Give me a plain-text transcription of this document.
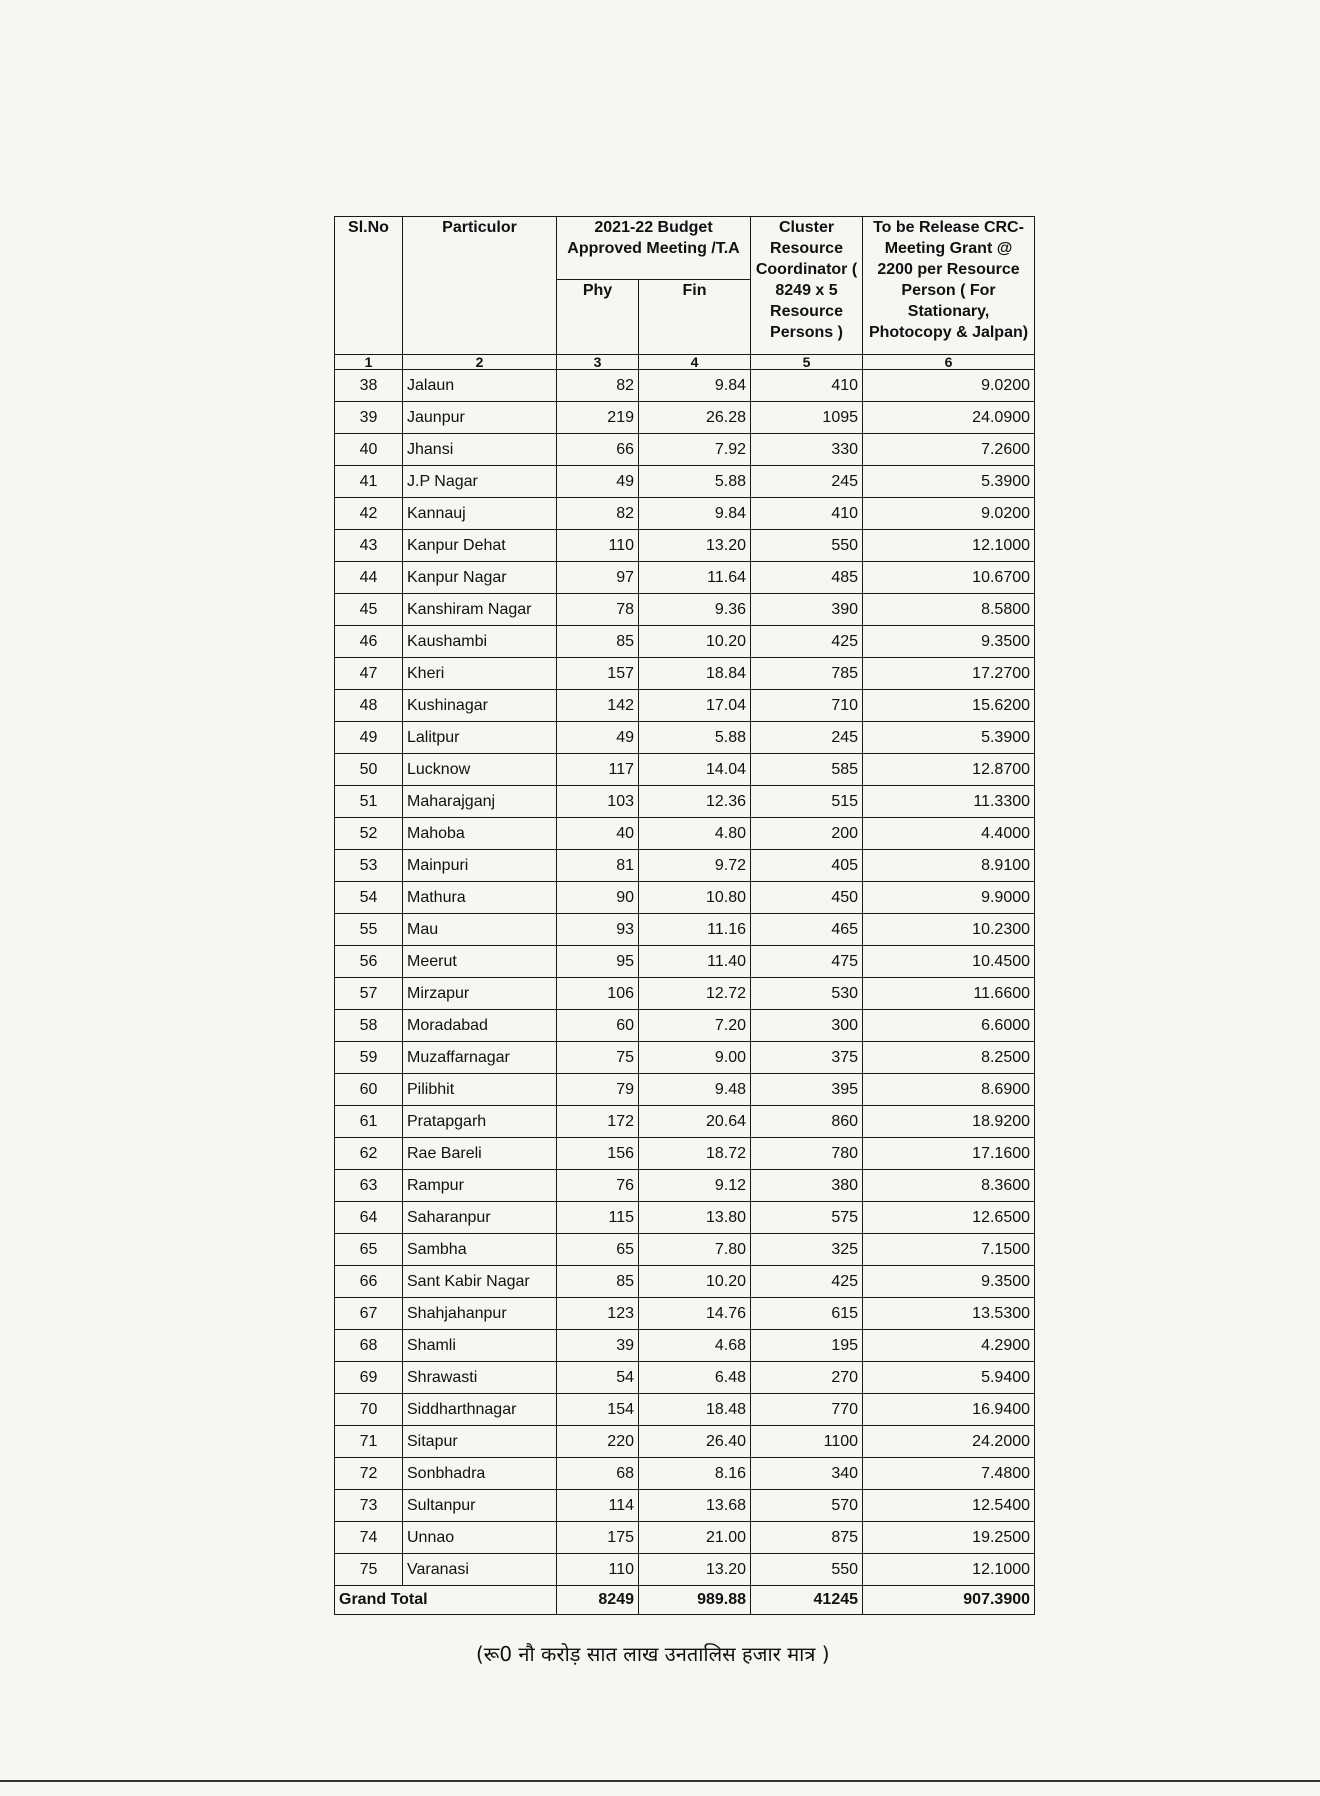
Sl.No	Particulor	2021-22 Budget Approved Meeting /T.A		Cluster Resource Coordinator ( 8249 x 5 Resource Persons )	To be Release CRC- Meeting Grant @ 2200 per Resource Person ( For Stationary, Photocopy & Jalpan)
		Phy	Fin		
1	2	3	4	5	6
38	Jalaun	82	9.84	410	9.0200
39	Jaunpur	219	26.28	1095	24.0900
40	Jhansi	66	7.92	330	7.2600
41	J.P Nagar	49	5.88	245	5.3900
42	Kannauj	82	9.84	410	9.0200
43	Kanpur Dehat	110	13.20	550	12.1000
44	Kanpur Nagar	97	11.64	485	10.6700
45	Kanshiram Nagar	78	9.36	390	8.5800
46	Kaushambi	85	10.20	425	9.3500
47	Kheri	157	18.84	785	17.2700
48	Kushinagar	142	17.04	710	15.6200
49	Lalitpur	49	5.88	245	5.3900
50	Lucknow	117	14.04	585	12.8700
51	Maharajganj	103	12.36	515	11.3300
52	Mahoba	40	4.80	200	4.4000
53	Mainpuri	81	9.72	405	8.9100
54	Mathura	90	10.80	450	9.9000
55	Mau	93	11.16	465	10.2300
56	Meerut	95	11.40	475	10.4500
57	Mirzapur	106	12.72	530	11.6600
58	Moradabad	60	7.20	300	6.6000
59	Muzaffarnagar	75	9.00	375	8.2500
60	Pilibhit	79	9.48	395	8.6900
61	Pratapgarh	172	20.64	860	18.9200
62	Rae Bareli	156	18.72	780	17.1600
63	Rampur	76	9.12	380	8.3600
64	Saharanpur	115	13.80	575	12.6500
65	Sambha	65	7.80	325	7.1500
66	Sant Kabir Nagar	85	10.20	425	9.3500
67	Shahjahanpur	123	14.76	615	13.5300
68	Shamli	39	4.68	195	4.2900
69	Shrawasti	54	6.48	270	5.9400
70	Siddharthnagar	154	18.48	770	16.9400
71	Sitapur	220	26.40	1100	24.2000
72	Sonbhadra	68	8.16	340	7.4800
73	Sultanpur	114	13.68	570	12.5400
74	Unnao	175	21.00	875	19.2500
75	Varanasi	110	13.20	550	12.1000
Grand Total		8249	989.88	41245	907.3900
(रू0 नौ करोड़ सात लाख उनतालिस हजार मात्र )
